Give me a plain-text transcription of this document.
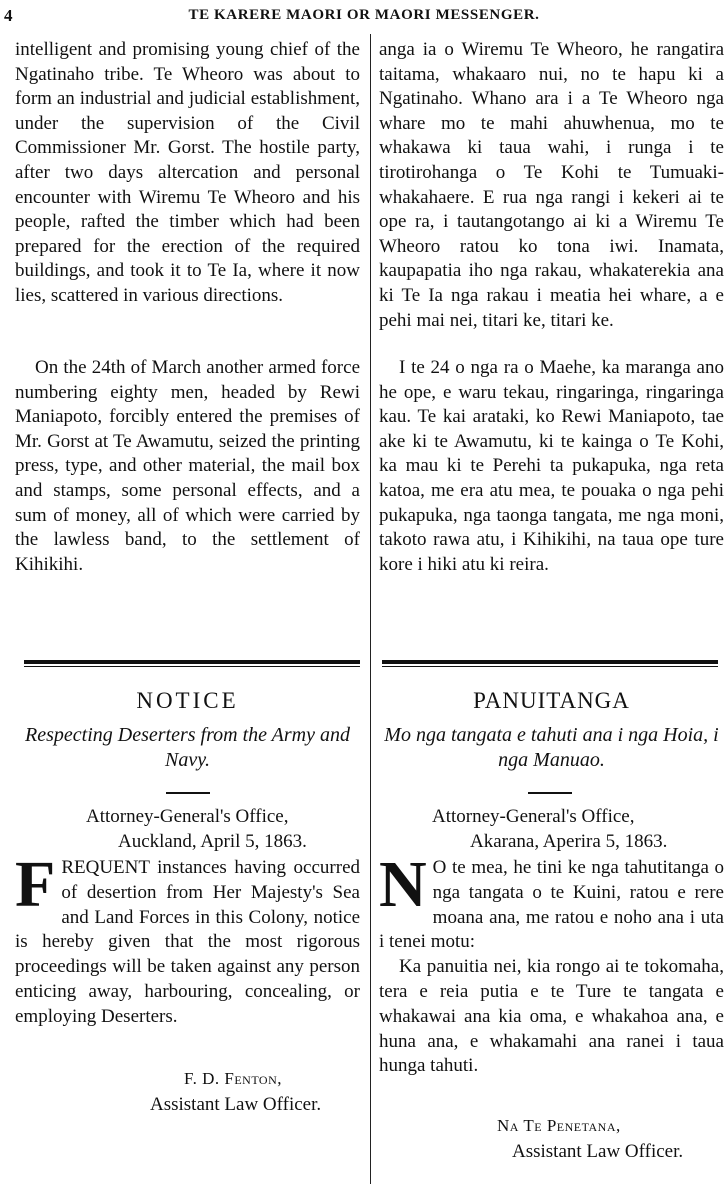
4	TE KARERE MAORI OR MAORI MESSENGER.

intelligent and promising young chief of the Ngatinaho tribe. Te Wheoro was about to form an industrial and judicial establishment, under the supervision of the Civil Commissioner Mr. Gorst. The hostile party, after two days altercation and personal encounter with Wiremu Te Wheoro and his people, rafted the timber which had been prepared for the erection of the required buildings, and took it to Te Ia, where it now lies, scattered in various directions.

On the 24th of March another armed force numbering eighty men, headed by Rewi Maniapoto, forcibly entered the premises of Mr. Gorst at Te Awamutu, seized the printing press, type, and other material, the mail box and stamps, some personal effects, and a sum of money, all of which were carried by the lawless band, to the settlement of Kihikihi.

anga ia o Wiremu Te Wheoro, he rangatira taitama, whakaaro nui, no te hapu ki a Ngatinaho. Whano ara i a Te Wheoro nga whare mo te mahi ahuwhenua, mo te whakawa ki taua wahi, i runga i te tirotirohanga o Te Kohi te Tumuaki-whakahaere. E rua nga rangi i kekeri ai te ope ra, i tautangotango ai ki a Wiremu Te Wheoro ratou ko tona iwi. Inamata, kaupapatia iho nga rakau, whakaterekia ana ki Te Ia nga rakau i meatia hei whare, a e pehi mai nei, titari ke, titari ke.

I te 24 o nga ra o Maehe, ka maranga ano he ope, e waru tekau, ringaringa, ringaringa kau. Te kai arataki, ko Rewi Maniapoto, tae ake ki te Awamutu, ki te kainga o Te Kohi, ka mau ki te Perehi ta pukapuka, nga reta katoa, me era atu mea, te pouaka o nga pehi pukapuka, nga taonga tangata, me nga moni, takoto rawa atu, i Kihikihi, na taua ope ture kore i hiki atu ki reira.

NOTICE
Respecting Deserters from the Army and Navy.
Attorney-General's Office,
Auckland, April 5, 1863.
FREQUENT instances having occurred of desertion from Her Majesty's Sea and Land Forces in this Colony, notice is hereby given that the most rigorous proceedings will be taken against any person enticing away, harbouring, concealing, or employing Deserters.
F. D. Fenton,
Assistant Law Officer.
PANUITANGA
Mo nga tangata e tahuti ana i nga Hoia, i nga Manuao.
Attorney-General's Office,
Akarana, Aperira 5, 1863.
N O te mea, he tini ke nga tahutitanga o nga tangata o te Kuini, ratou e rere moana ana, me ratou e noho ana i uta i tenei motu:
Ka panuitia nei, kia rongo ai te tokomaha, tera e reia putia e te Ture te tangata e whakawai ana kia oma, e whakahoa ana, e huna ana, e whakamahi ana ranei i taua hunga tahuti.
Na Te Penetana,
Assistant Law Officer.
